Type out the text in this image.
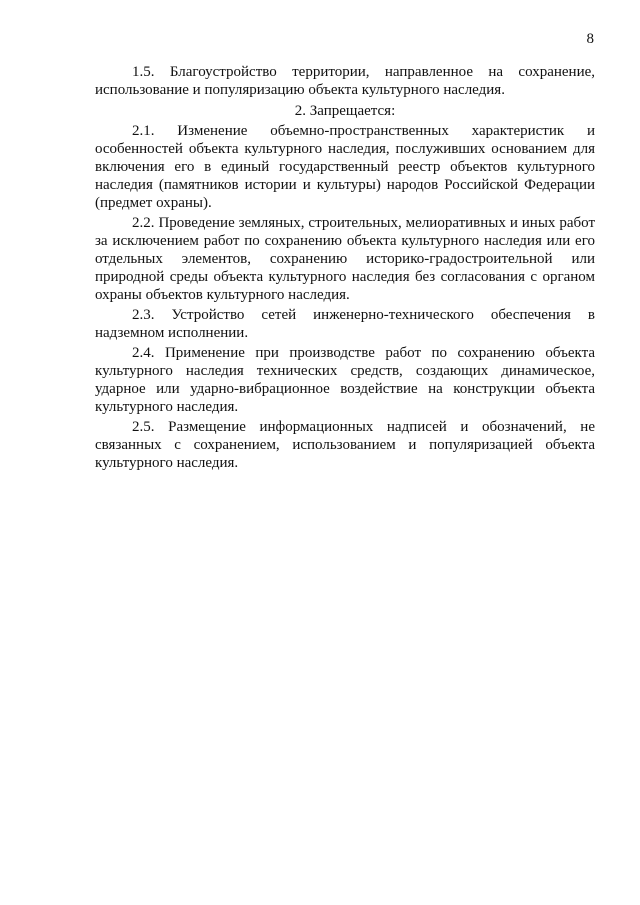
8

1.5. Благоустройство территории, направленное на сохранение, использование и популяризацию объекта культурного наследия.

2. Запрещается:

2.1. Изменение объемно-пространственных характеристик и особенностей объекта культурного наследия, послуживших основанием для включения его в единый государственный реестр объектов культурного наследия (памятников истории и культуры) народов Российской Федерации (предмет охраны).

2.2. Проведение земляных, строительных, мелиоративных и иных работ за исключением работ по сохранению объекта культурного наследия или его отдельных элементов, сохранению историко-градостроительной или природной среды объекта культурного наследия без согласования с органом охраны объектов культурного наследия.

2.3. Устройство сетей инженерно-технического обеспечения в надземном исполнении.

2.4. Применение при производстве работ по сохранению объекта культурного наследия технических средств, создающих динамическое, ударное или ударно-вибрационное воздействие на конструкции объекта культурного наследия.

2.5. Размещение информационных надписей и обозначений, не связанных с сохранением, использованием и популяризацией объекта культурного наследия.
